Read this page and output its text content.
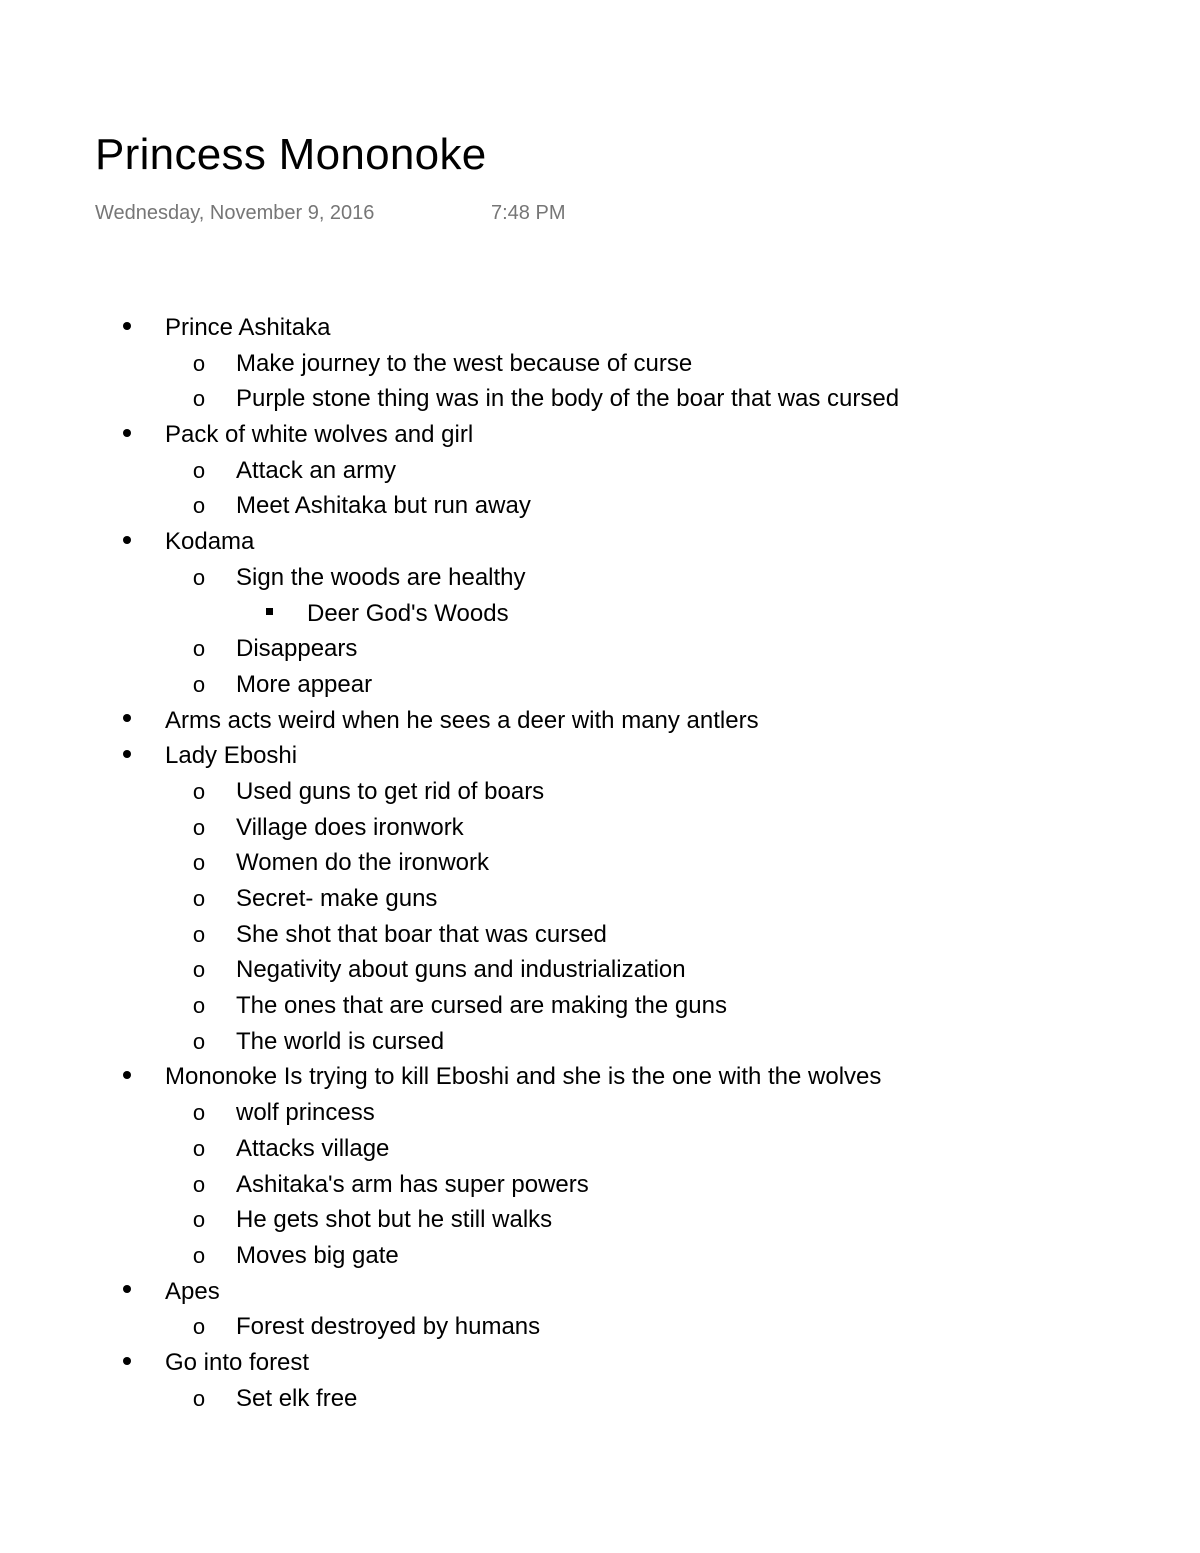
Princess Mononoke
Wednesday, November 9, 2016	7:48 PM
Prince Ashitaka
o Make journey to the west because of curse
o Purple stone thing was in the body of the boar that was cursed
Pack of white wolves and girl
o Attack an army
o Meet Ashitaka but run away
Kodama
o Sign the woods are healthy
Deer God's Woods
o Disappears
o More appear
Arms acts weird when he sees a deer with many antlers
Lady Eboshi
o Used guns to get rid of boars
o Village does ironwork
o Women do the ironwork
o Secret- make guns
o She shot that boar that was cursed
o Negativity about guns and industrialization
o The ones that are cursed are making the guns
o The world is cursed
Mononoke Is trying to kill Eboshi and she is the one with the wolves
o wolf princess
o Attacks village
o Ashitaka's arm has super powers
o He gets shot but he still walks
o Moves big gate
Apes
o Forest destroyed by humans
Go into forest
o Set elk free
